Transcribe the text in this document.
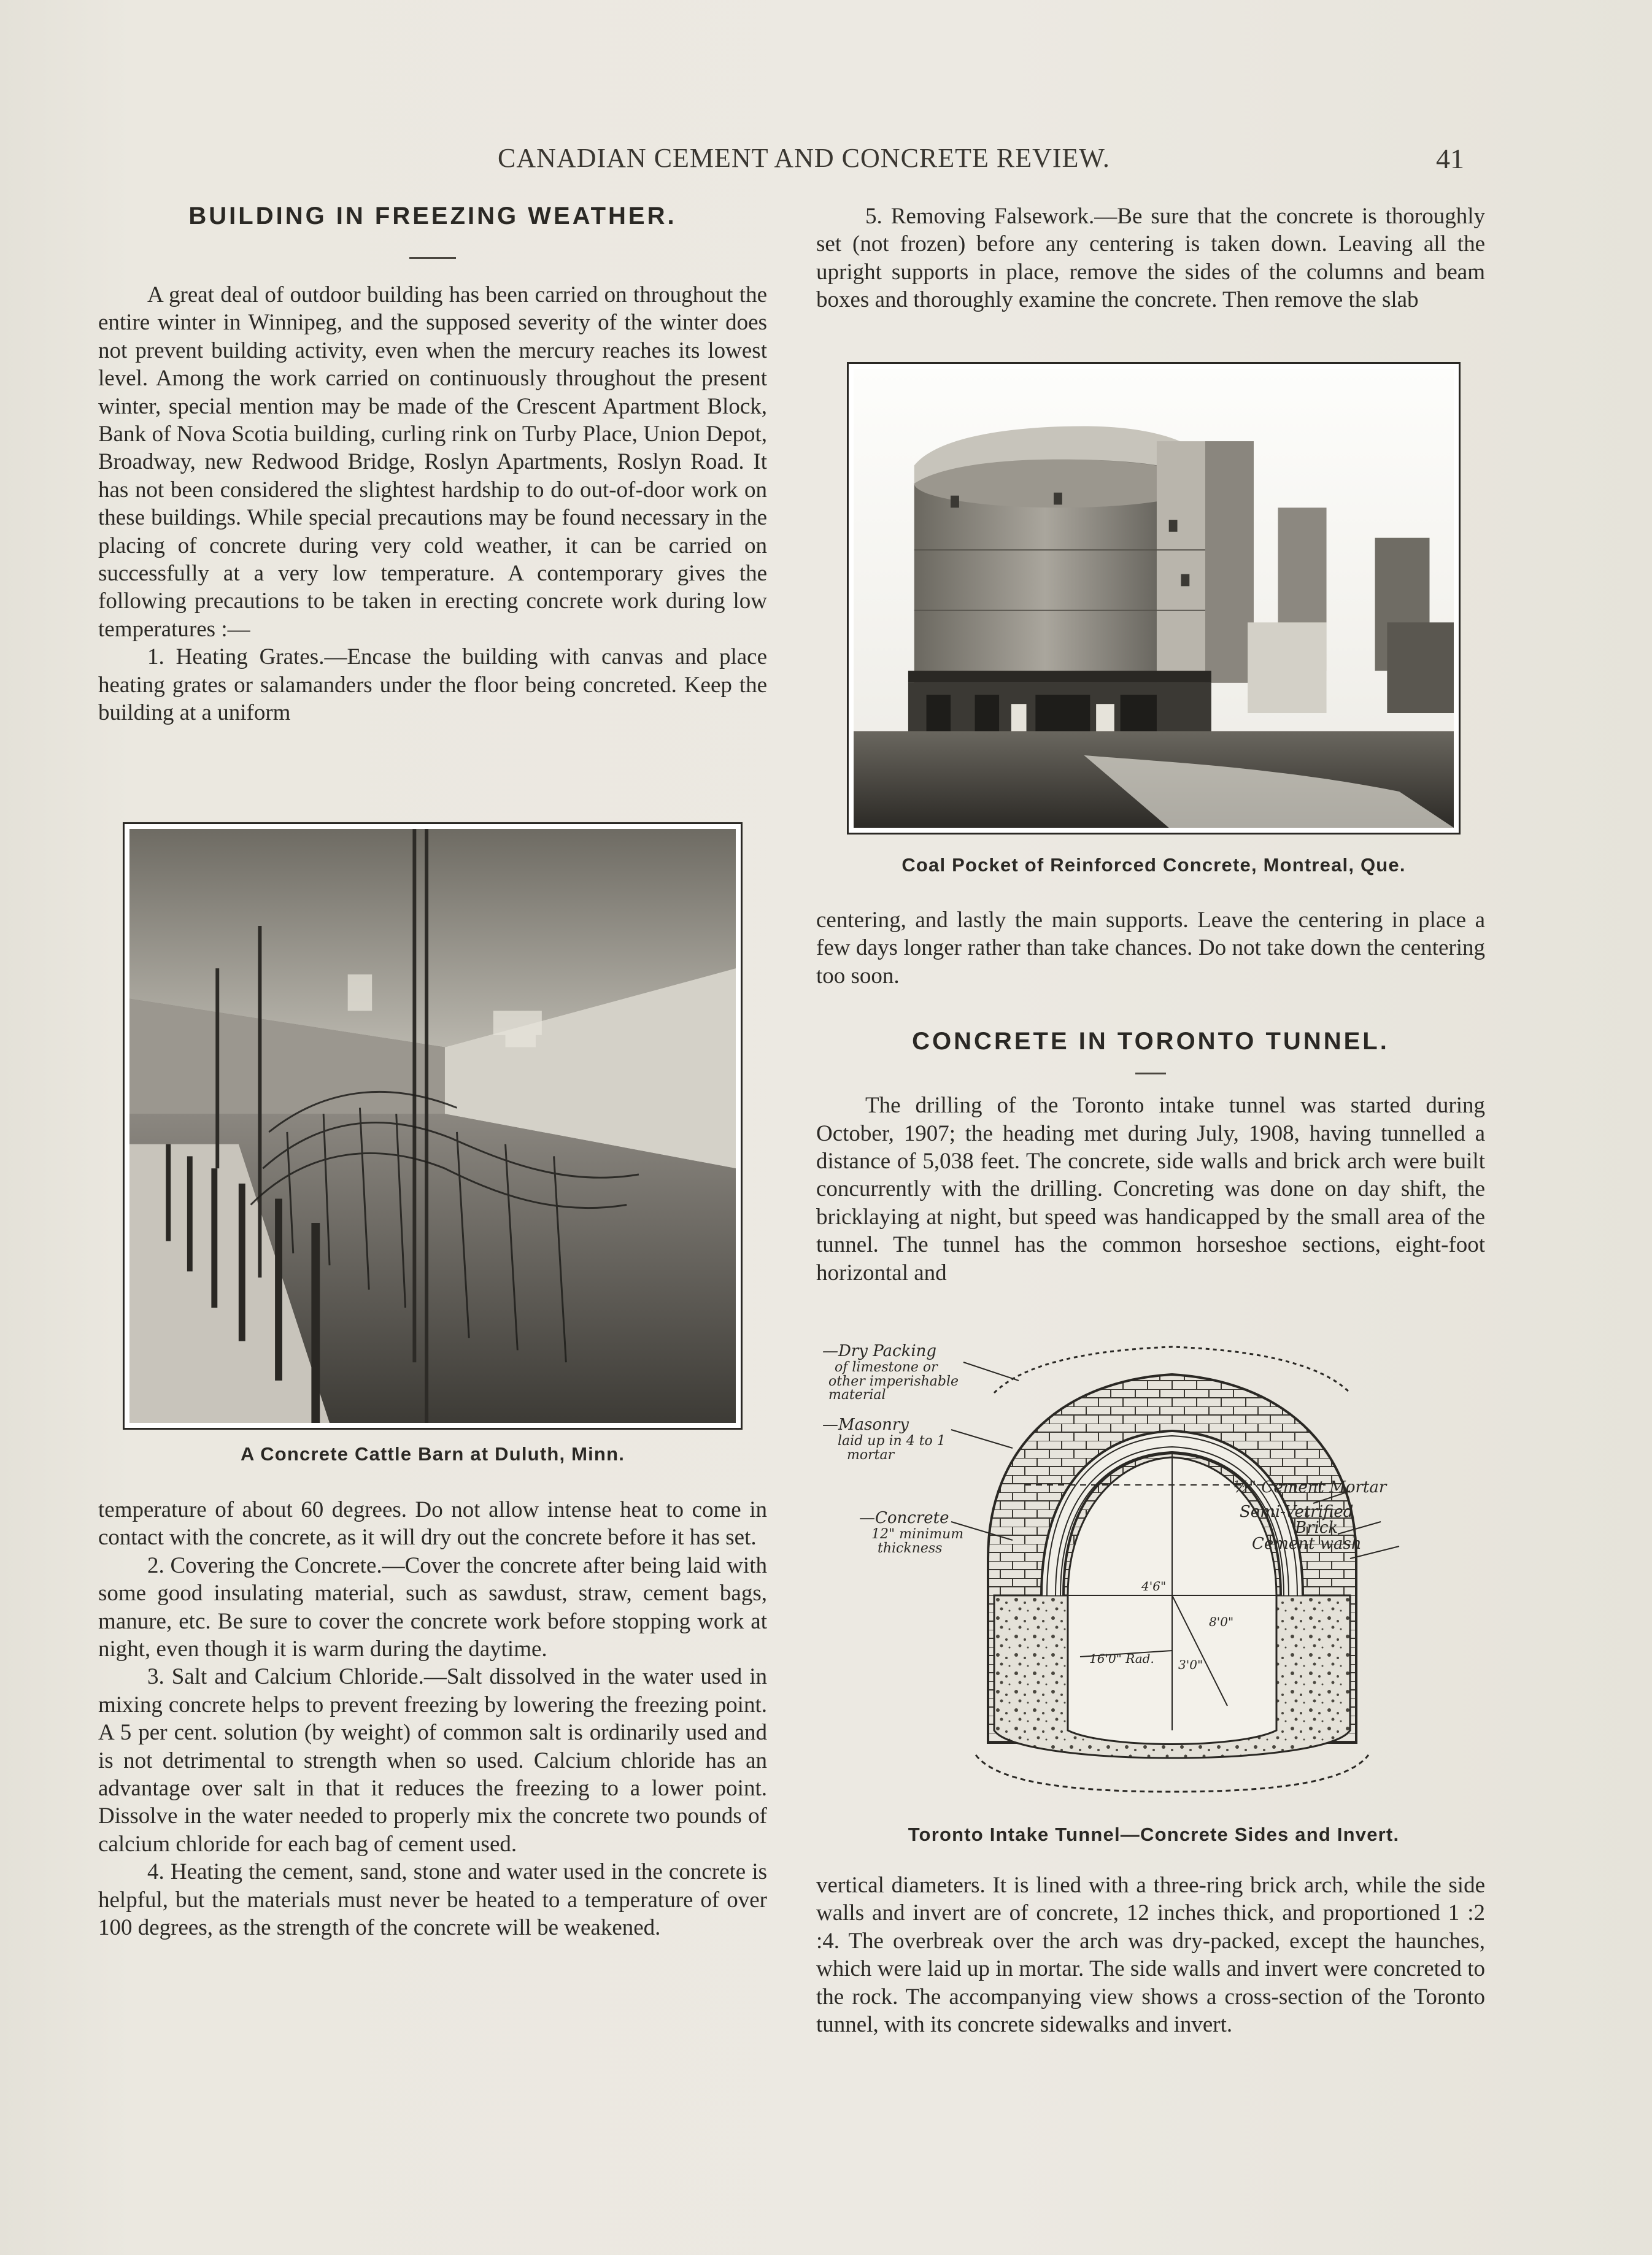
CANADIAN CEMENT AND CONCRETE REVIEW.	41
BUILDING IN FREEZING WEATHER.

A great deal of outdoor building has been carried on throughout the entire winter in Winnipeg, and the supposed severity of the winter does not prevent building activity, even when the mercury reaches its lowest level. Among the work carried on continuously throughout the present winter, special mention may be made of the Crescent Apartment Block, Bank of Nova Scotia building, curling rink on Turby Place, Union Depot, Broadway, new Redwood Bridge, Roslyn Apartments, Roslyn Road. It has not been considered the slightest hardship to do out-of-door work on these buildings. While special precautions may be found necessary in the placing of concrete during very cold weather, it can be carried on successfully at a very low temperature. A contemporary gives the following precautions to be taken in erecting concrete work during low temperatures :—

1. Heating Grates.—Encase the building with canvas and place heating grates or salamanders under the floor being concreted. Keep the building at a uniform

A Concrete Cattle Barn at Duluth, Minn.

temperature of about 60 degrees. Do not allow intense heat to come in contact with the concrete, as it will dry out the concrete before it has set.

2. Covering the Concrete.—Cover the concrete after being laid with some good insulating material, such as sawdust, straw, cement bags, manure, etc. Be sure to cover the concrete work before stopping work at night, even though it is warm during the daytime.

3. Salt and Calcium Chloride.—Salt dissolved in the water used in mixing concrete helps to prevent freezing by lowering the freezing point. A 5 per cent. solution (by weight) of common salt is ordinarily used and is not detrimental to strength when so used. Calcium chloride has an advantage over salt in that it reduces the freezing to a lower point. Dissolve in the water needed to properly mix the concrete two pounds of calcium chloride for each bag of cement used.

4. Heating the cement, sand, stone and water used in the concrete is helpful, but the materials must never be heated to a temperature of over 100 degrees, as the strength of the concrete will be weakened.

5. Removing Falsework.—Be sure that the concrete is thoroughly set (not frozen) before any centering is taken down. Leaving all the upright supports in place, remove the sides of the columns and beam boxes and thoroughly examine the concrete. Then remove the slab

Coal Pocket of Reinforced Concrete, Montreal, Que.

centering, and lastly the main supports. Leave the centering in place a few days longer rather than take chances. Do not take down the centering too soon.

CONCRETE IN TORONTO TUNNEL.

The drilling of the Toronto intake tunnel was started during October, 1907; the heading met during July, 1908, having tunnelled a distance of 5,038 feet. The concrete, side walls and brick arch were built concurrently with the drilling. Concreting was done on day shift, the bricklaying at night, but speed was handicapped by the small area of the tunnel. The tunnel has the common horseshoe sections, eight-foot horizontal and

—Dry Packing
of limestone or
other imperishable
material
—Masonry
laid up in 4 to 1
mortar
—Concrete
12" minimum
thickness
½" Cement Mortar
Semi-Vetrified
Brick
Cement wash
4'6"
3'0"
16'0" Rad.
8'0"
Toronto Intake Tunnel—Concrete Sides and Invert.

vertical diameters. It is lined with a three-ring brick arch, while the side walls and invert are of concrete, 12 inches thick, and proportioned 1 :2 :4. The overbreak over the arch was dry-packed, except the haunches, which were laid up in mortar. The side walls and invert were concreted to the rock. The accompanying view shows a cross-section of the Toronto tunnel, with its concrete sidewalks and invert.
